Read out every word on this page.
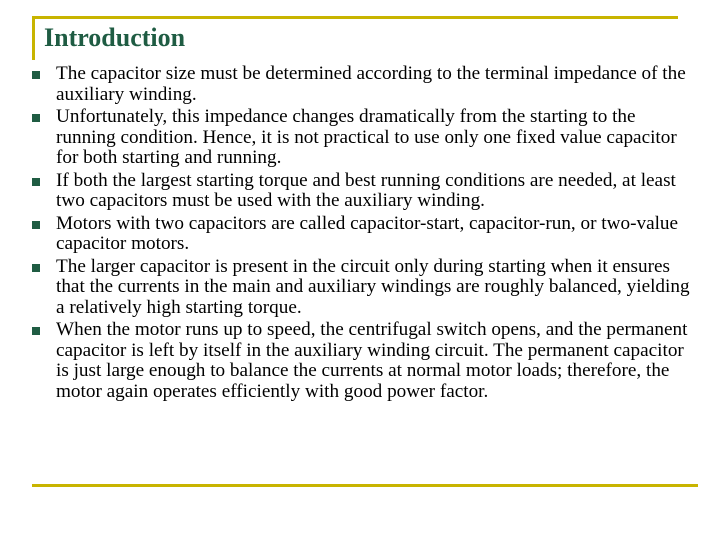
Introduction
The capacitor size must be determined according to the terminal impedance of the auxiliary winding.
Unfortunately, this impedance changes dramatically from the starting to the running condition. Hence, it is not practical to use only one fixed value capacitor for both starting and running.
If both the largest starting torque and best running conditions are needed, at least two capacitors must be used with the auxiliary winding.
Motors with two capacitors are called capacitor-start, capacitor-run, or two-value capacitor motors.
The larger capacitor is present in the circuit only during starting when it ensures that the currents in the main and auxiliary windings are roughly balanced, yielding a relatively high starting torque.
When the motor runs up to speed, the centrifugal switch opens, and the permanent capacitor is left by itself in the auxiliary winding circuit. The permanent capacitor is just large enough to balance the currents at normal motor loads; therefore, the motor again operates efficiently with good power factor.
